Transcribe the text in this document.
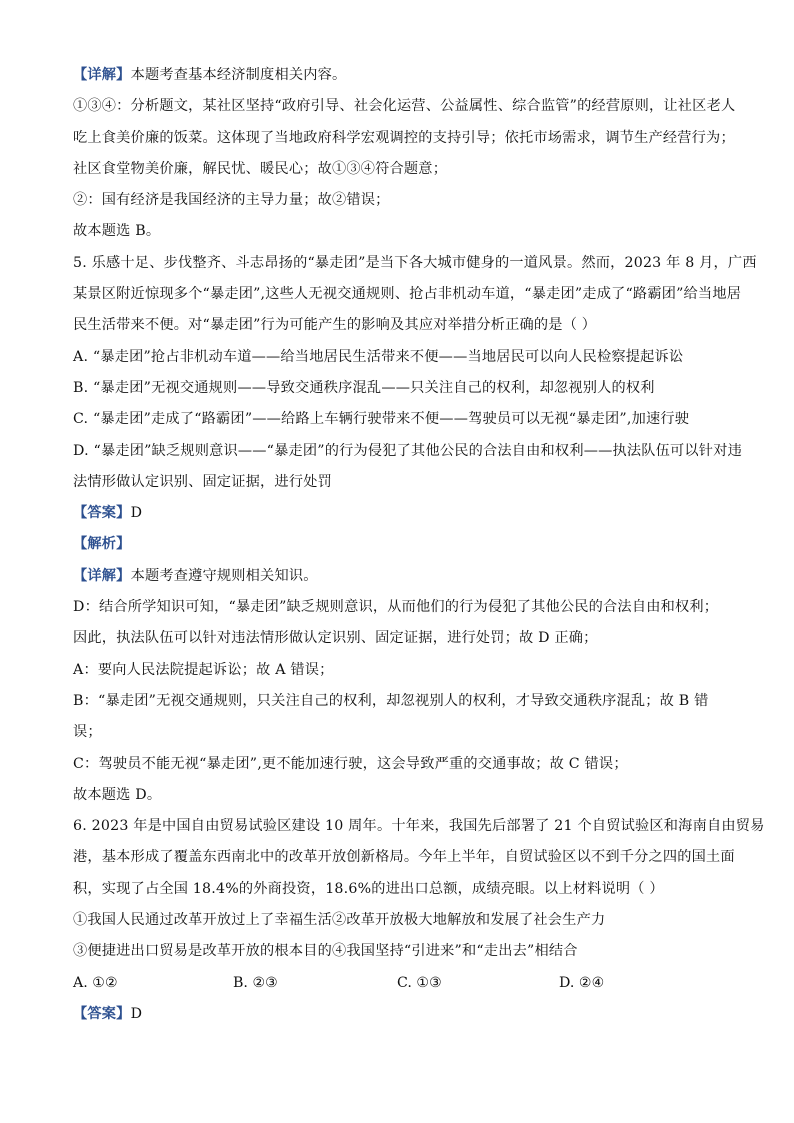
【详解】本题考查基本经济制度相关内容。
①③④：分析题文，某社区坚持“政府引导、社会化运营、公益属性、综合监管”的经营原则，让社区老人
吃上食美价廉的饭菜。这体现了当地政府科学宏观调控的支持引导；依托市场需求，调节生产经营行为；
社区食堂物美价廉，解民忧、暖民心；故①③④符合题意；
②：国有经济是我国经济的主导力量；故②错误；
故本题选 B。
5. 乐感十足、步伐整齐、斗志昂扬的“暴走团”是当下各大城市健身的一道风景。然而，2023 年 8 月，广西
某景区附近惊现多个“暴走团”,这些人无视交通规则、抢占非机动车道，“暴走团”走成了“路霸团”给当地居
民生活带来不便。对“暴走团”行为可能产生的影响及其应对举措分析正确的是（ ）
A. “暴走团”抢占非机动车道——给当地居民生活带来不便——当地居民可以向人民检察提起诉讼
B. “暴走团”无视交通规则——导致交通秩序混乱——只关注自己的权利，却忽视别人的权利
C. “暴走团”走成了“路霸团”——给路上车辆行驶带来不便——驾驶员可以无视“暴走团”,加速行驶
D. “暴走团”缺乏规则意识——“暴走团”的行为侵犯了其他公民的合法自由和权利——执法队伍可以针对违
法情形做认定识别、固定证据，进行处罚
【答案】D
【解析】
【详解】本题考查遵守规则相关知识。
D：结合所学知识可知，“暴走团”缺乏规则意识，从而他们的行为侵犯了其他公民的合法自由和权利；
因此，执法队伍可以针对违法情形做认定识别、固定证据，进行处罚；故 D 正确；
A：要向人民法院提起诉讼；故 A 错误；
B：“暴走团”无视交通规则，只关注自己的权利，却忽视别人的权利，才导致交通秩序混乱；故 B 错
误；
C：驾驶员不能无视“暴走团”,更不能加速行驶，这会导致严重的交通事故；故 C 错误；
故本题选 D。
6. 2023 年是中国自由贸易试验区建设 10 周年。十年来，我国先后部署了 21 个自贸试验区和海南自由贸易
港，基本形成了覆盖东西南北中的改革开放创新格局。今年上半年，自贸试验区以不到千分之四的国土面
积，实现了占全国 18.4%的外商投资，18.6%的进出口总额，成绩亮眼。以上材料说明（ ）
①我国人民通过改革开放过上了幸福生活②改革开放极大地解放和发展了社会生产力
③便捷进出口贸易是改革开放的根本目的④我国坚持“引进来”和“走出去”相结合
A. ①②	B. ②③	C. ①③	D. ②④
【答案】D
